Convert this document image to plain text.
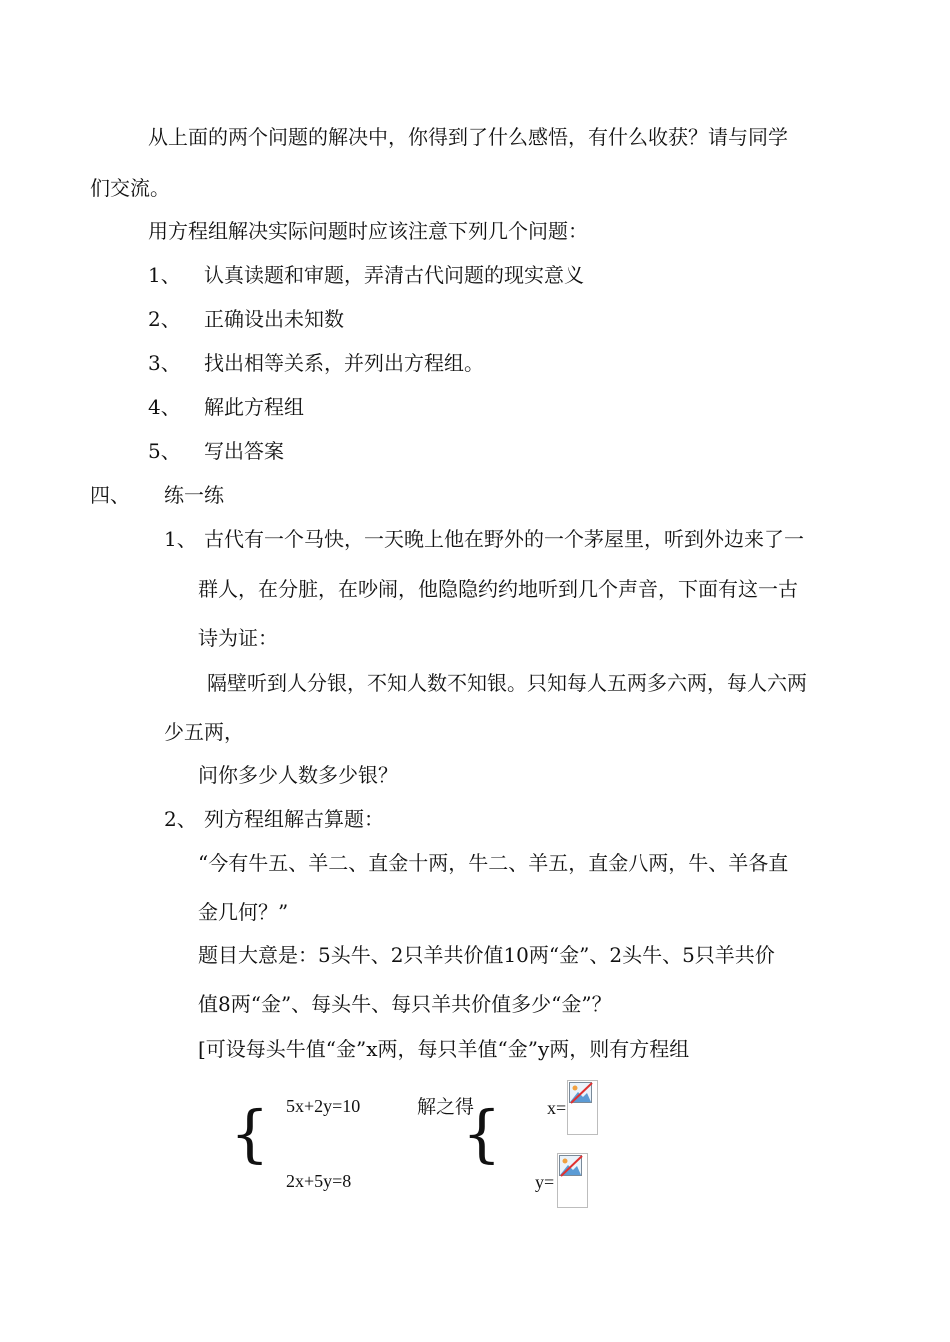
从上面的两个问题的解决中，你得到了什么感悟，有什么收获？请与同学
们交流。
用方程组解决实际问题时应该注意下列几个问题：
1、 认真读题和审题，弄清古代问题的现实意义
2、 正确设出未知数
3、 找出相等关系，并列出方程组。
4、 解此方程组
5、 写出答案
四、 练一练
1、 古代有一个马快，一天晚上他在野外的一个茅屋里，听到外边来了一
群人，在分脏，在吵闹，他隐隐约约地听到几个声音，下面有这一古
诗为证：
隔壁听到人分银，不知人数不知银。只知每人五两多六两，每人六两
少五两，
问你多少人数多少银？
2、 列方程组解古算题：
“今有牛五、羊二、直金十两，牛二、羊五，直金八两，牛、羊各直
金几何？”
题目大意是：5头牛、2只羊共价值10两“金”、2头牛、5只羊共价
值8两“金”、每头牛、每只羊共价值多少“金”？
[可设每头牛值“金”x两，每只羊值“金”y两，则有方程组
{ 5x+2y=10
2x+5y=8
解之得
{	x=
y=
